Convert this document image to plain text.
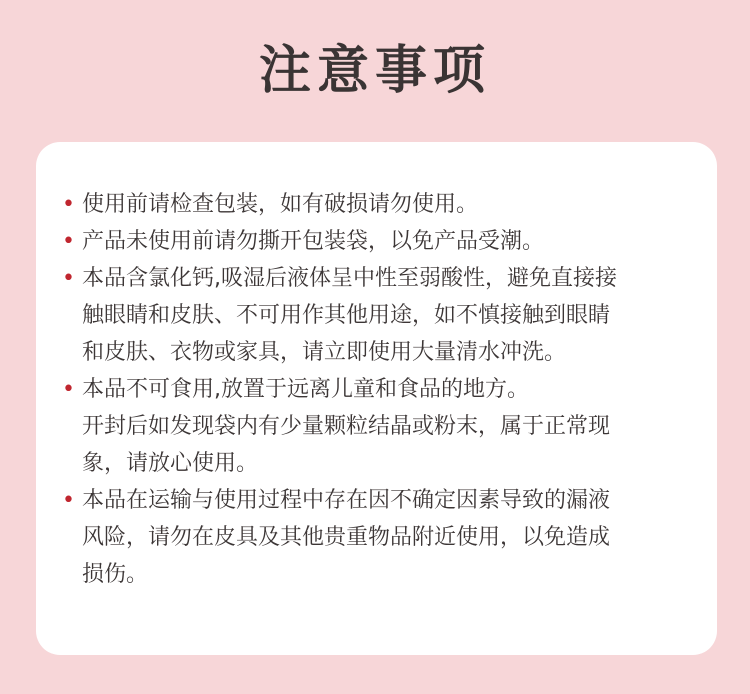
注意事项
• 使用前请检查包装，如有破损请勿使用。
• 产品未使用前请勿撕开包装袋，以免产品受潮。
• 本品含氯化钙,吸湿后液体呈中性至弱酸性，避免直接接
触眼睛和皮肤、不可用作其他用途，如不慎接触到眼睛
和皮肤、衣物或家具，请立即使用大量清水冲洗。
• 本品不可食用,放置于远离儿童和食品的地方。
开封后如发现袋内有少量颗粒结晶或粉末，属于正常现
象，请放心使用。
• 本品在运输与使用过程中存在因不确定因素导致的漏液
风险，请勿在皮具及其他贵重物品附近使用，以免造成
损伤。
